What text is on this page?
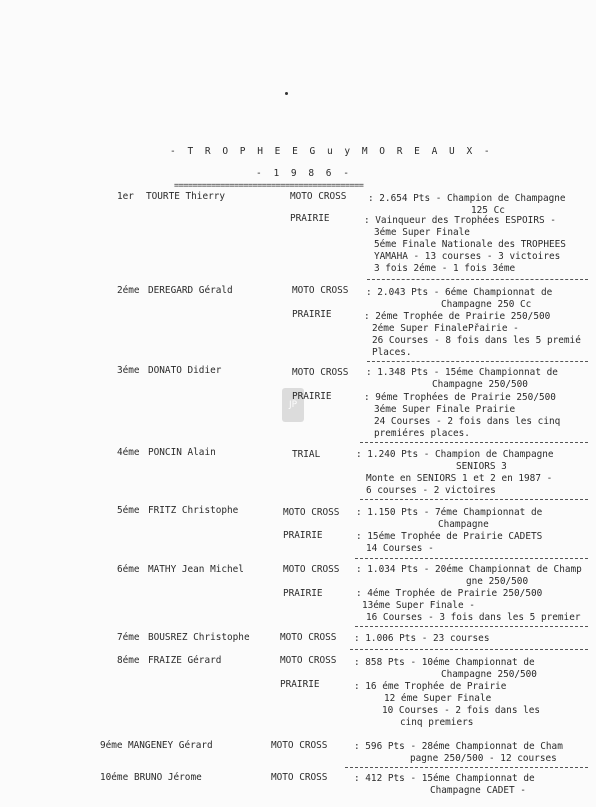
- T R O P H E E G u y M O R E A U X -
- 1 9 8 6 -
=========================================
JP
1er TOURTE Thierry	MOTO CROSS : 2.654 Pts - Champion de Champagne
125 Cc
PRAIRIE	: Vainqueur des Trophées ESPOIRS -
3éme Super Finale
5éme Finale Nationale des TROPHEES
YAMAHA - 13 courses - 3 victoires
3 fois 2éme - 1 fois 3éme
2éme DEREGARD Gérald	MOTO CROSS : 2.043 Pts - 6éme Championnat de
Champagne 250 Cc
PRAIRIE	: 2éme Trophée de Prairie 250/500
2éme Super FinalePřairie -
26 Courses - 8 fois dans les 5 premié
Places.
3éme DONATO Didier	MOTO CROSS : 1.348 Pts - 15éme Championnat de
Champagne 250/500
PRAIRIE	: 9éme Trophées de Prairie 250/500
3éme Super Finale Prairie
24 Courses - 2 fois dans les cinq
premiéres places.
4éme PONCIN Alain	TRIAL	: 1.240 Pts - Champion de Champagne
SENIORS 3
Monte en SENIORS 1 et 2 en 1987 -
6 courses - 2 victoires
5éme FRITZ Christophe	MOTO CROSS : 1.150 Pts - 7éme Championnat de
Champagne
PRAIRIE	: 15éme Trophée de Prairie CADETS
14 Courses -
6éme MATHY Jean Michel	MOTO CROSS : 1.034 Pts - 20éme Championnat de Champ
gne 250/500
PRAIRIE	: 4éme Trophée de Prairie 250/500
13éme Super Finale -
16 Courses - 3 fois dans les 5 premier
7éme BOUSREZ Christophe	MOTO CROSS : 1.006 Pts - 23 courses
8éme FRAIZE Gérard	MOTO CROSS : 858 Pts - 10éme Championnat de
Champagne 250/500
PRAIRIE	: 16 éme Trophée de Prairie
12 éme Super Finale
10 Courses - 2 fois dans les
cinq premiers
9éme MANGENEY Gérard	MOTO CROSS	: 596 Pts - 28éme Championnat de Cham
pagne 250/500 - 12 courses
10éme BRUNO Jérome	MOTO CROSS	: 412 Pts - 15éme Championnat de
Champagne CADET -
